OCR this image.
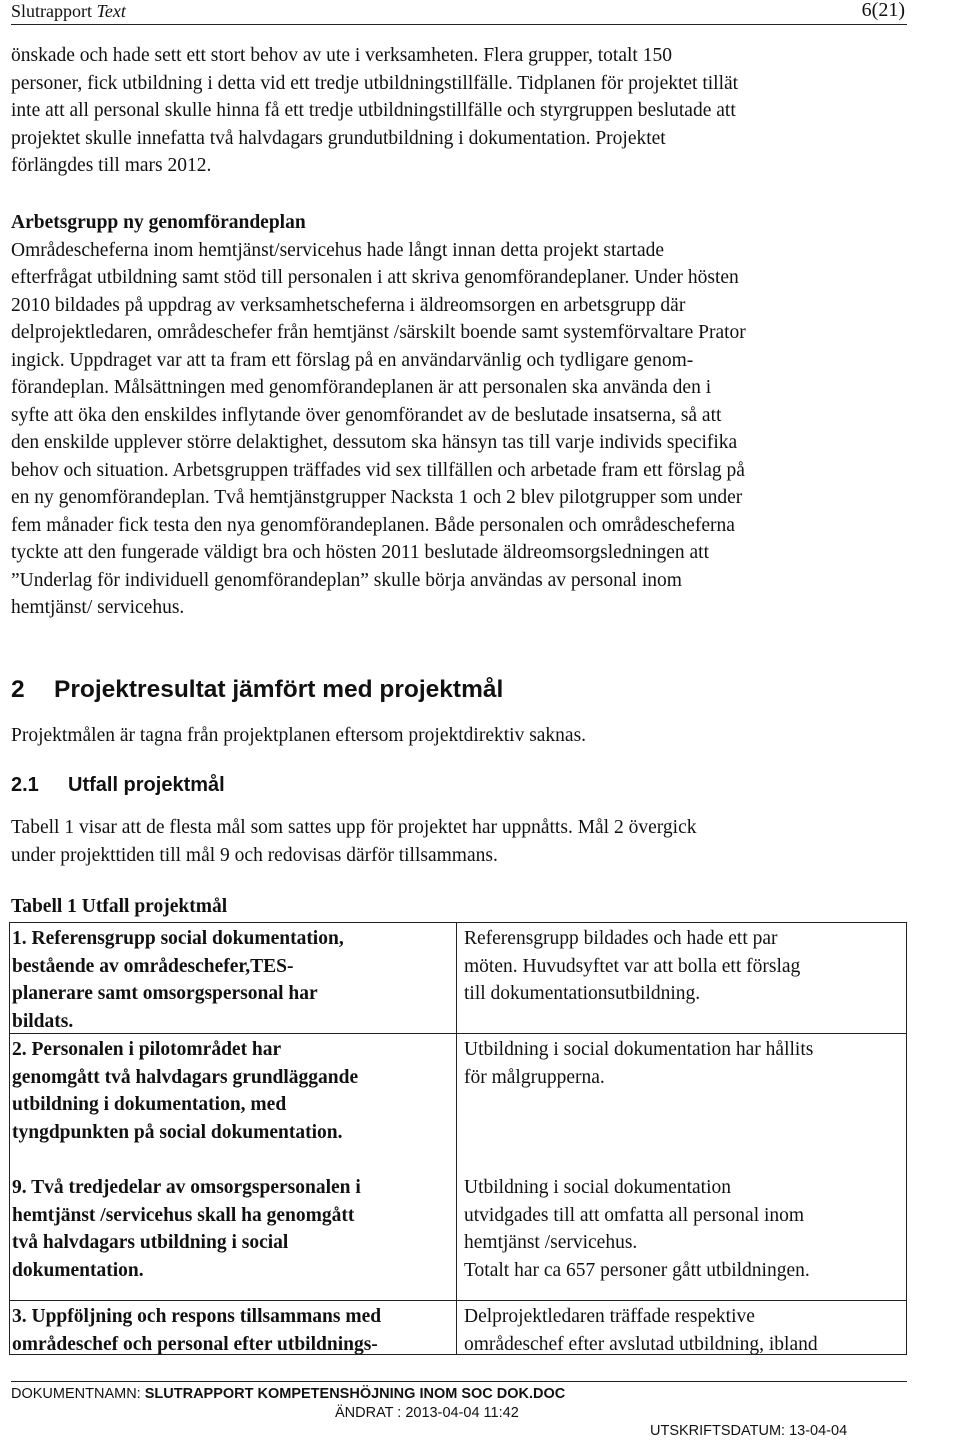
Slutrapport Text	6(21)
önskade och hade sett ett stort behov av ute i verksamheten. Flera grupper, totalt 150
personer, fick utbildning i detta vid ett tredje utbildningstillfälle. Tidplanen för projektet tillät
inte att all personal skulle hinna få ett tredje utbildningstillfälle och styrgruppen beslutade att
projektet skulle innefatta två halvdagars grundutbildning i dokumentation. Projektet
förlängdes till mars 2012.
Arbetsgrupp ny genomförandeplan
Områdescheferna inom hemtjänst/servicehus hade långt innan detta projekt startade
efterfrågat utbildning samt stöd till personalen i att skriva genomförandeplaner. Under hösten
2010 bildades på uppdrag av verksamhetscheferna i äldreomsorgen en arbetsgrupp där
delprojektledaren, områdeschefer från hemtjänst /särskilt boende samt systemförvaltare Prator
ingick. Uppdraget var att ta fram ett förslag på en användarvänlig och tydligare genom-
förandeplan. Målsättningen med genomförandeplanen är att personalen ska använda den i
syfte att öka den enskildes inflytande över genomförandet av de beslutade insatserna, så att
den enskilde upplever större delaktighet, dessutom ska hänsyn tas till varje individs specifika
behov och situation. Arbetsgruppen träffades vid sex tillfällen och arbetade fram ett förslag på
en ny genomförandeplan. Två hemtjänstgrupper Nacksta 1 och 2 blev pilotgrupper som under
fem månader fick testa den nya genomförandeplanen. Både personalen och områdescheferna
tyckte att den fungerade väldigt bra och hösten 2011 beslutade äldreomsorgsledningen att
”Underlag för individuell genomförandeplan” skulle börja användas av personal inom
hemtjänst/ servicehus.
2 Projektresultat jämfört med projektmål
Projektmålen är tagna från projektplanen eftersom projektdirektiv saknas.
2.1 Utfall projektmål
Tabell 1 visar att de flesta mål som sattes upp för projektet har uppnåtts. Mål 2 övergick
under projekttiden till mål 9 och redovisas därför tillsammans.
Tabell 1 Utfall projektmål
1. Referensgrupp social dokumentation,
bestående av områdeschefer,TES-
planerare samt omsorgspersonal har
bildats.
Referensgrupp bildades och hade ett par
möten. Huvudsyftet var att bolla ett förslag
till dokumentationsutbildning.
2. Personalen i pilotområdet har
genomgått två halvdagars grundläggande
utbildning i dokumentation, med
tyngdpunkten på social dokumentation.
Utbildning i social dokumentation har hållits
för målgrupperna.
9. Två tredjedelar av omsorgspersonalen i
hemtjänst /servicehus skall ha genomgått
två halvdagars utbildning i social
dokumentation.
Utbildning i social dokumentation
utvidgades till att omfatta all personal inom
hemtjänst /servicehus.
Totalt har ca 657 personer gått utbildningen.
3. Uppföljning och respons tillsammans med
områdeschef och personal efter utbildnings-
Delprojektledaren träffade respektive
områdeschef efter avslutad utbildning, ibland
DOKUMENTNAMN: SLUTRAPPORT KOMPETENSHÖJNING INOM SOC DOK.DOC
ÄNDRAT : 2013-04-04 11:42
UTSKRIFTSDATUM: 13-04-04
